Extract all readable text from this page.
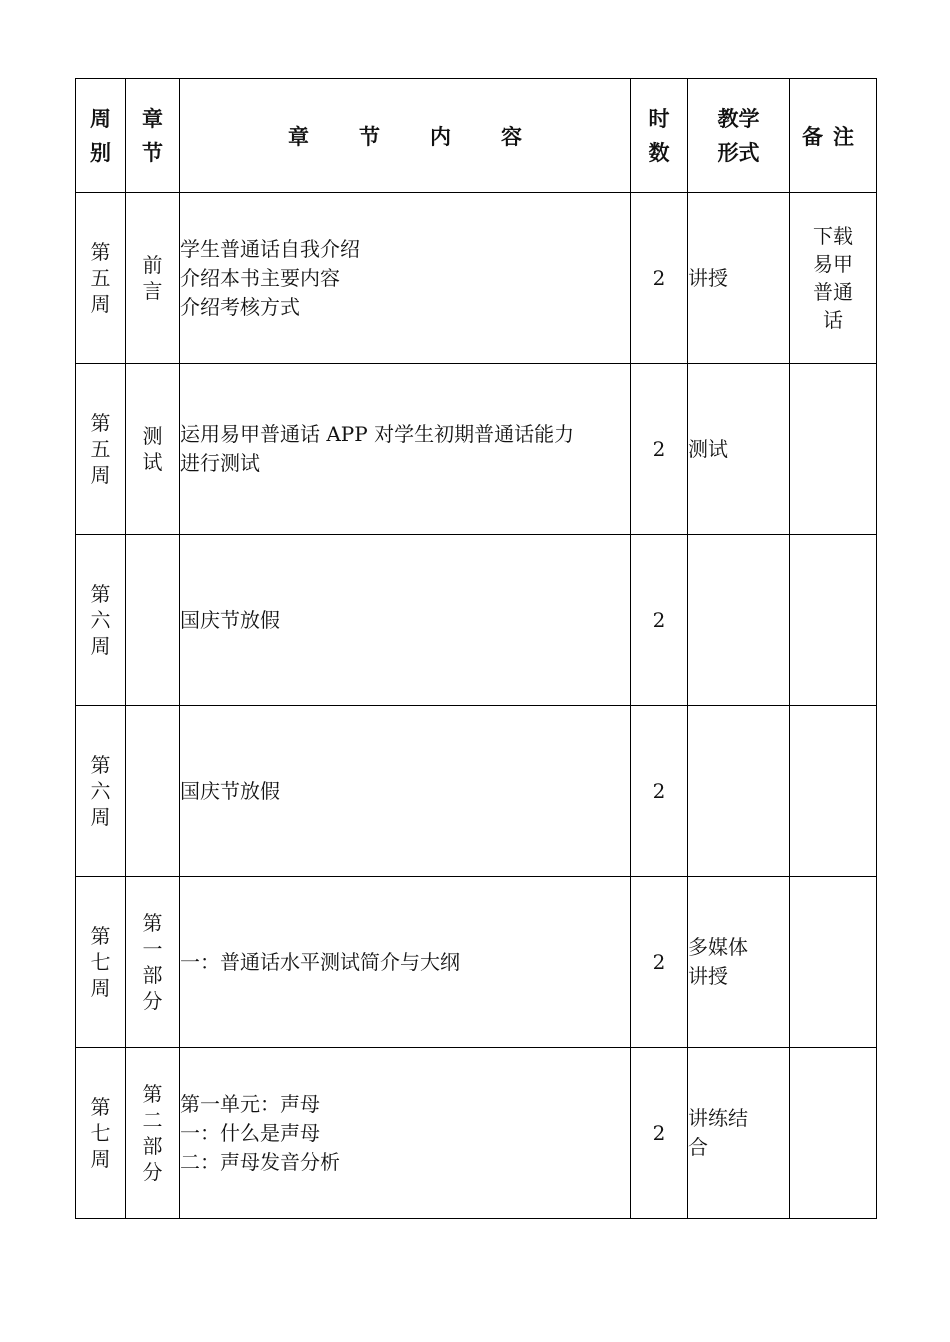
周别	章节	章节内容	时数	教学形式	备注
第五周	前言	学生普通话自我介绍
介绍本书主要内容
介绍考核方式	2	讲授	下载易甲普通话
第五周	测试	运用易甲普通话 APP 对学生初期普通话能力
进行测试	2	测试	
第六周		国庆节放假	2		
第六周		国庆节放假	2		
第七周	第一部分	一：普通话水平测试简介与大纲	2	多媒体讲授	
第七周	第二部分	第一单元：声母
一：什么是声母
二：声母发音分析	2	讲练结合	
